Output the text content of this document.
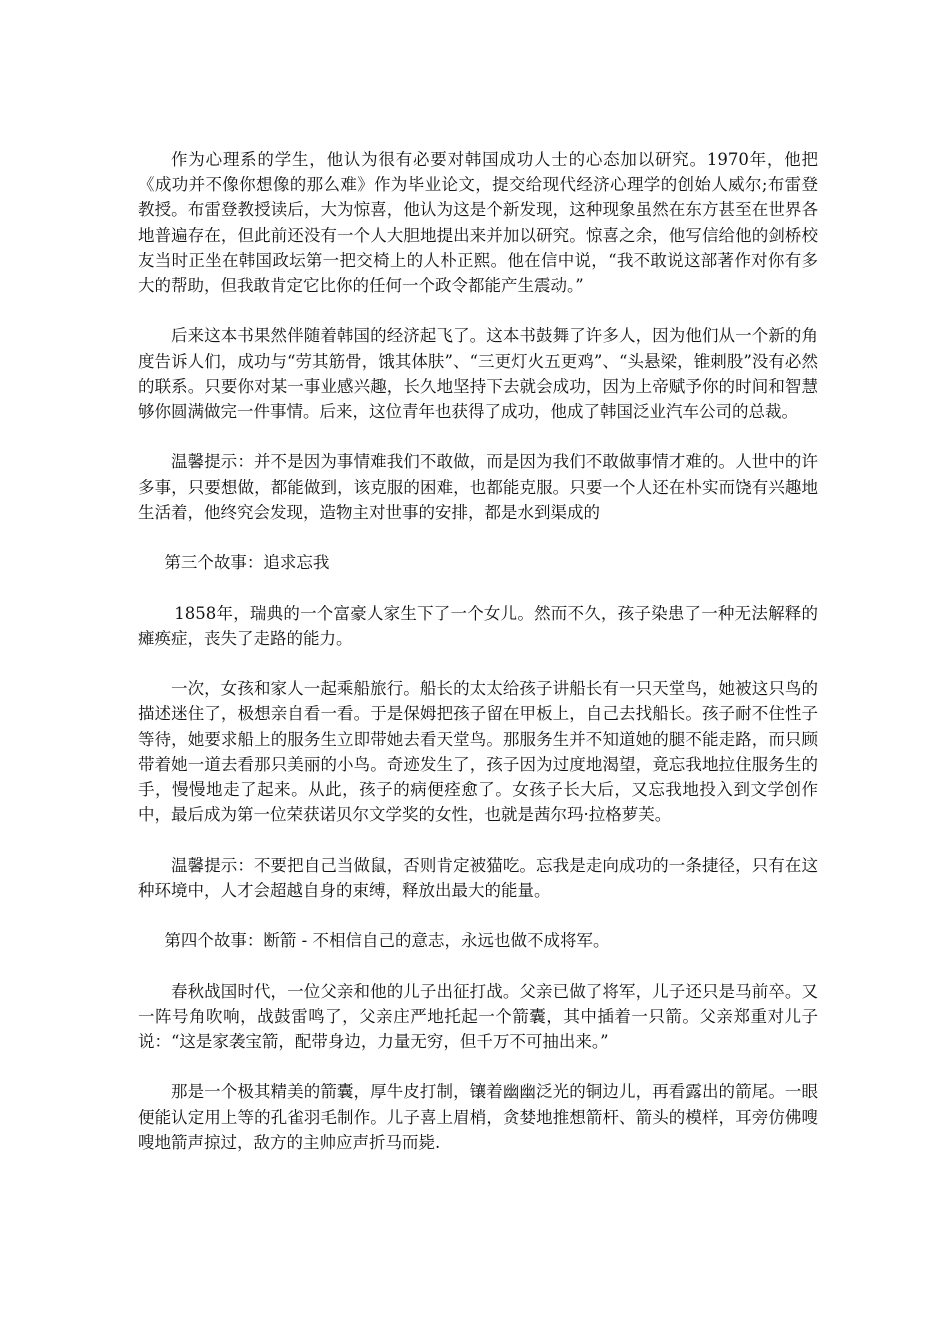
作为心理系的学生，他认为很有必要对韩国成功人士的心态加以研究。1970年，他把《成功并不像你想像的那么难》作为毕业论文，提交给现代经济心理学的创始人威尔;布雷登教授。布雷登教授读后，大为惊喜，他认为这是个新发现，这种现象虽然在东方甚至在世界各地普遍存在，但此前还没有一个人大胆地提出来并加以研究。惊喜之余，他写信给他的剑桥校友当时正坐在韩国政坛第一把交椅上的人朴正熙。他在信中说，“我不敢说这部著作对你有多大的帮助，但我敢肯定它比你的任何一个政令都能产生震动。”

后来这本书果然伴随着韩国的经济起飞了。这本书鼓舞了许多人，因为他们从一个新的角度告诉人们，成功与“劳其筋骨，饿其体肤”、“三更灯火五更鸡”、“头悬梁，锥刺股”没有必然的联系。只要你对某一事业感兴趣，长久地坚持下去就会成功，因为上帝赋予你的时间和智慧够你圆满做完一件事情。后来，这位青年也获得了成功，他成了韩国泛业汽车公司的总裁。

温馨提示：并不是因为事情难我们不敢做，而是因为我们不敢做事情才难的。人世中的许多事，只要想做，都能做到，该克服的困难，也都能克服。只要一个人还在朴实而饶有兴趣地生活着，他终究会发现，造物主对世事的安排，都是水到渠成的

第三个故事：追求忘我

1858年，瑞典的一个富豪人家生下了一个女儿。然而不久，孩子染患了一种无法解释的瘫痪症，丧失了走路的能力。

一次，女孩和家人一起乘船旅行。船长的太太给孩子讲船长有一只天堂鸟，她被这只鸟的描述迷住了，极想亲自看一看。于是保姆把孩子留在甲板上，自己去找船长。孩子耐不住性子等待，她要求船上的服务生立即带她去看天堂鸟。那服务生并不知道她的腿不能走路，而只顾带着她一道去看那只美丽的小鸟。奇迹发生了，孩子因为过度地渴望，竟忘我地拉住服务生的手，慢慢地走了起来。从此，孩子的病便痊愈了。女孩子长大后，又忘我地投入到文学创作中，最后成为第一位荣获诺贝尔文学奖的女性，也就是茜尔玛·拉格萝芙。

温馨提示：不要把自己当做鼠，否则肯定被猫吃。忘我是走向成功的一条捷径，只有在这种环境中，人才会超越自身的束缚，释放出最大的能量。

第四个故事：断箭 - 不相信自己的意志，永远也做不成将军。

春秋战国时代，一位父亲和他的儿子出征打战。父亲已做了将军，儿子还只是马前卒。又一阵号角吹响，战鼓雷鸣了，父亲庄严地托起一个箭囊，其中插着一只箭。父亲郑重对儿子说：“这是家袭宝箭，配带身边，力量无穷，但千万不可抽出来。”

那是一个极其精美的箭囊，厚牛皮打制，镶着幽幽泛光的铜边儿，再看露出的箭尾。一眼便能认定用上等的孔雀羽毛制作。儿子喜上眉梢，贪婪地推想箭杆、箭头的模样，耳旁仿佛嗖嗖地箭声掠过，敌方的主帅应声折马而毙.
